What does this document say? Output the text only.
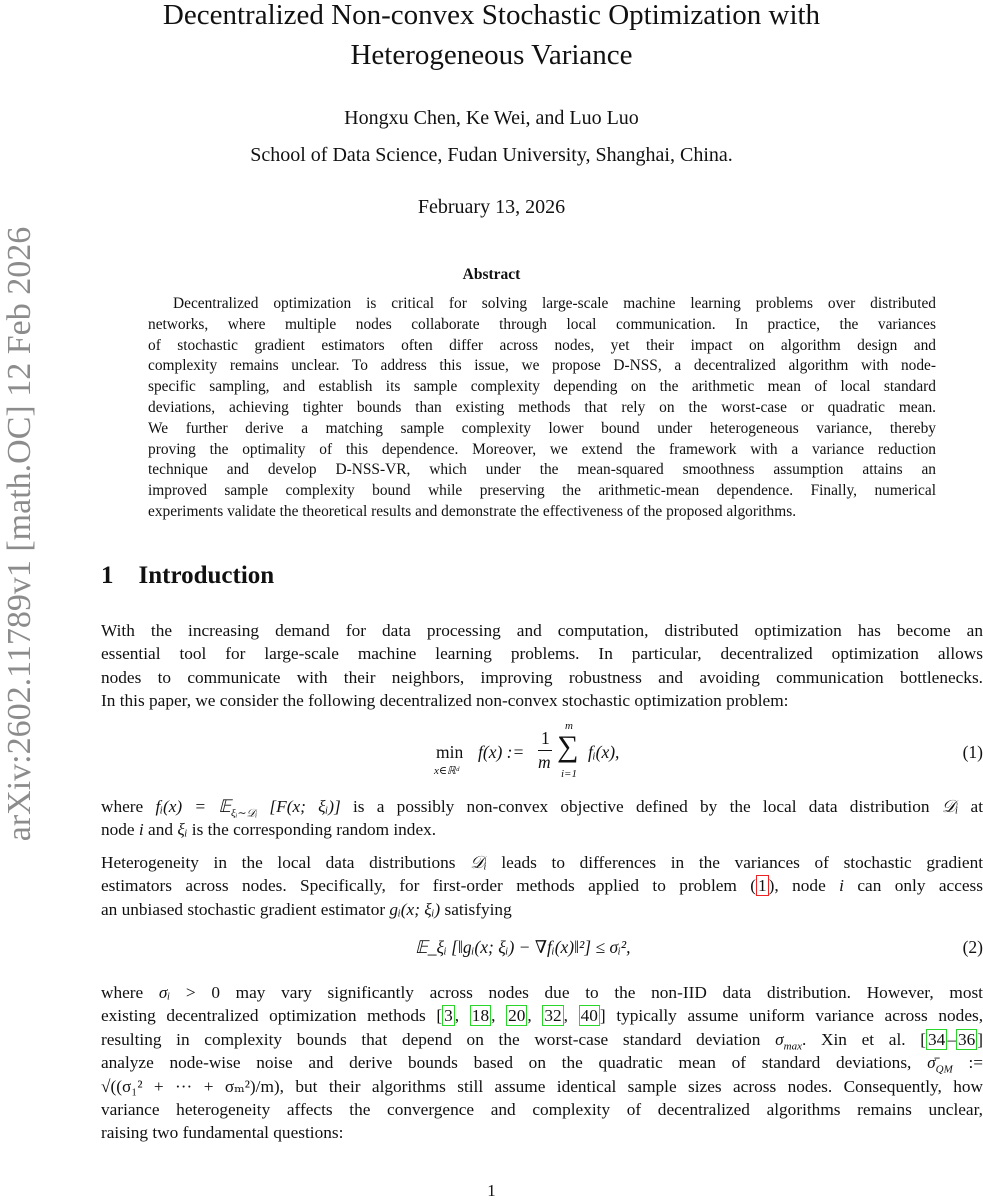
arXiv:2602.11789v1 [math.OC] 12 Feb 2026
Decentralized Non-convex Stochastic Optimization with
Heterogeneous Variance
Hongxu Chen, Ke Wei, and Luo Luo
School of Data Science, Fudan University, Shanghai, China.
February 13, 2026
Abstract
Decentralized optimization is critical for solving large-scale machine learning problems over distributed
networks, where multiple nodes collaborate through local communication. In practice, the variances
of stochastic gradient estimators often differ across nodes, yet their impact on algorithm design and
complexity remains unclear. To address this issue, we propose D-NSS, a decentralized algorithm with node-
specific sampling, and establish its sample complexity depending on the arithmetic mean of local standard
deviations, achieving tighter bounds than existing methods that rely on the worst-case or quadratic mean.
We further derive a matching sample complexity lower bound under heterogeneous variance, thereby
proving the optimality of this dependence. Moreover, we extend the framework with a variance reduction
technique and develop D-NSS-VR, which under the mean-squared smoothness assumption attains an
improved sample complexity bound while preserving the arithmetic-mean dependence. Finally, numerical
experiments validate the theoretical results and demonstrate the effectiveness of the proposed algorithms.
1 Introduction
With the increasing demand for data processing and computation, distributed optimization has become an
essential tool for large-scale machine learning problems. In particular, decentralized optimization allows
nodes to communicate with their neighbors, improving robustness and avoiding communication bottlenecks.
In this paper, we consider the following decentralized non-convex stochastic optimization problem:
where fᵢ(x) = 𝔼$_{\xi ᵢ\sim 𝒟ᵢ}$ [F(x; ξᵢ)] is a possibly non-convex objective defined by the local data distribution 𝒟ᵢ at
node i and ξᵢ is the corresponding random index.
Heterogeneity in the local data distributions 𝒟ᵢ leads to differences in the variances of stochastic gradient
estimators across nodes. Specifically, for first-order methods applied to problem ( 1 ), node i can only access
an unbiased stochastic gradient estimator gᵢ(x; ξᵢ) satisfying
where σᵢ > 0 may vary significantly across nodes due to the non-IID data distribution. However, most
existing decentralized optimization methods [ 3 , 18 , 20 , 32 , 40 ] typically assume uniform variance across nodes,
resulting in complexity bounds that depend on the worst-case standard deviation $\sigma_{max}$. Xin et al. [ 34 – 36 ]
analyze node-wise noise and derive bounds based on the quadratic mean of standard deviations, $\sigmā_{QM}$ :=
√((σ₁² + ··· + σₘ²)/m), but their algorithms still assume identical sample sizes across nodes. Consequently, how
variance heterogeneity affects the convergence and complexity of decentralized algorithms remains unclear,
raising two fundamental questions:
min
x∈ℝᵈ
f(x) :=
1
m
m
∑
i=1
fᵢ(x),	(1)
𝔼_ξᵢ [‖gᵢ(x; ξᵢ) − ∇fᵢ(x)‖²] ≤ σᵢ²,	(2)
1
